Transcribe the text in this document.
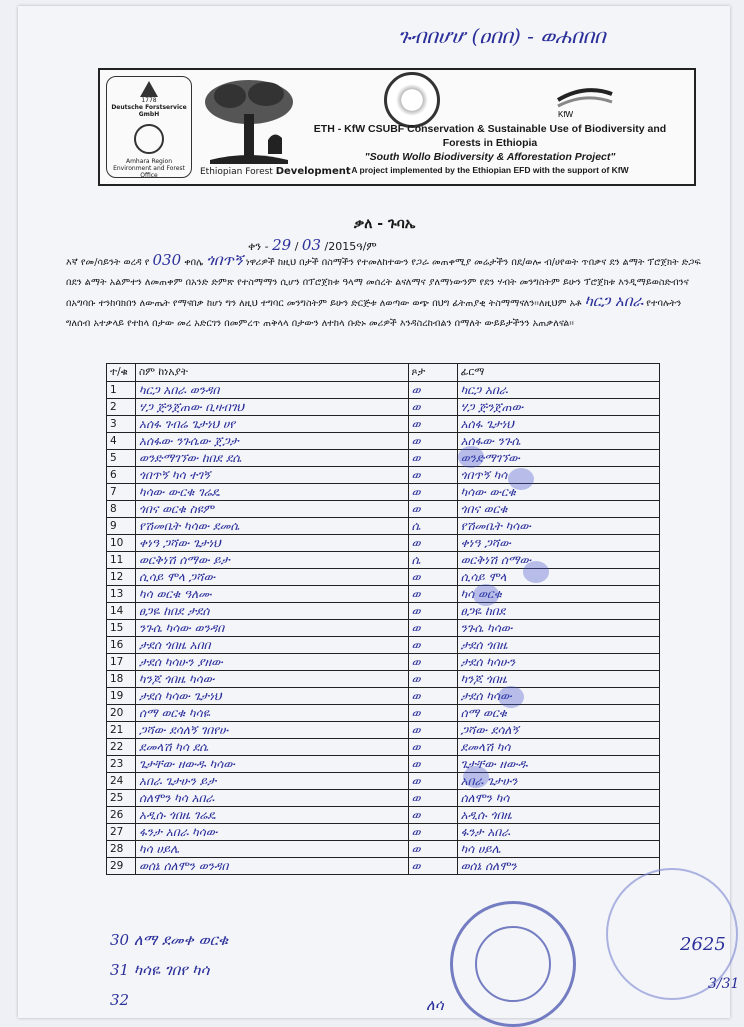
ጉብበሆሆ (ዐበበ) - ወሐበበበ
1778
Deutsche Forstservice GmbH
Amhara Region Environment and Forest Office	Ethiopian Forest Development
KfW
ETH - KfW CSUBF Conservation & Sustainable Use of Biodiversity and
Forests in Ethiopia
"South Wollo Biodiversity & Afforestation Project"
A project implemented by the Ethiopian EFD with the support of KfW
ቃለ - ጉባኤ
ቀን - 29 / 03 /2015ዓ/ም
እኛ የመ/ሳይንት ወረዳ የ 030 ቀበሌ ጎበጥኝ ነዋሪዎች ከዚህ በታች በስማችን የተመለከተውን የጋራ መጠቀሚያ መሬታችን በደ/ወሎ ብ/ሀየወት ጥበቃና ደን ልማት ፕሮጀክት ድጋፍ በደን ልማት አልምተን ለመጠቀም በአንድ ድምጽ የተስማማን ሲሆን በፕሮጀክቱ ዓላማ መሰረት ልናለማና ያለማነውንም የደን ሃብት መንግስትም ይሁን ፕሮጀክቱ እንዲማይወስድብንና በአግባቡ ተንከባክበን ለውጤት የማናበቃ ከሆነ ግን ለዚህ ተግባር መንግስትም ይሁን ድርጅቱ ለወጣው ወጭ በህግ ፊትጠያቂ ትስማማናለን፡፡ለዚህም አቶ ካርጋ አበራ የተባሉትን ግለሰብ አተቃላይ የተከላ በታው መረ አድርገን በመምረጥ ጠቅላላ በታውን ለተከላ ቡድኑ መሪዎች እንዳስረከብልን በማለት ውይይታችንን አጠቃለናል፡፡
ተ/ቁ	ስም ከነአያት	ጾታ	ፊርማ
1	ካርጋ አበራ ወንዳበ	ወ	ካርጋ አበራ
2	ሃጋ ጅንጀጠው ቢዛብገህ	ወ	ሃጋ ጅንጀጠው
3	አሰፋ ገብሬ ጌታነህ ሀየ	ወ	አሰፋ ጌታነህ
4	አሰፋው ንጉሴው ጀጋታ	ወ	አሰፋው ንጉሴ
5	ወንድማገኘው ከበደ ደሴ	ወ	ወንድማገኘው
6	ጎበጥኝ ካሳ ተገኝ	ወ	ጎበጥኝ ካሳ
7	ካሳው ውርቁ ገሬዴ	ወ	ካሳው ውርቁ
8	ጎበና ወርቁ ስዩም	ወ	ጎበና ወርቁ
9	የሽመቤት ካሳው ደመሴ	ሴ	የሽመቤት ካሳው
10	ቀነዓ ጋሻው ጌታነህ	ወ	ቀነዓ ጋሻው
11	ወርቅነሽ ሰማው ይታ	ሴ	ወርቅነሽ ሰማው
12	ሲሳይ ሞላ ጋሻው	ወ	ሲሳይ ሞላ
13	ካሳ ወርቁ ዓለሙ	ወ	ካሳ ወርቁ
14	ፀጋዬ ከበደ ታደሰ	ወ	ፀጋዬ ከበደ
15	ንጉሴ ካሳው ወንዳበ	ወ	ንጉሴ ካሳው
16	ታደሰ ጎበዜ አበበ	ወ	ታደሰ ጎበዜ
17	ታደሰ ካሳሁን ያዘው	ወ	ታደሰ ካሳሁን
18	ካንጆ ጎበዜ ካሳው	ወ	ካንጆ ጎበዜ
19	ታደሰ ካሳው ጌታነህ	ወ	ታደሰ ካሳው
20	ሰማ ወርቁ ካሳዬ	ወ	ሰማ ወርቁ
21	ጋሻው ደሳለኝ ገበየሁ	ወ	ጋሻው ደሳለኝ
22	ደመላሽ ካሳ ደሴ	ወ	ደመላሽ ካሳ
23	ጌታቸው ዘውዱ ካሳው	ወ	ጌታቸው ዘውዱ
24	አበራ ጌታሁን ይታ	ወ	አበራ ጌታሁን
25	ሰለሞን ካሳ አበራ	ወ	ሰለሞን ካሳ
26	አዲሱ ጎበዜ ገሬዴ	ወ	አዲሱ ጎበዜ
27	ፋንታ አበራ ካሳው	ወ	ፋንታ አበራ
28	ካሳ ሀይሌ	ወ	ካሳ ሀይሌ
29	ወሰኔ ሰለሞን ወንዳበ	ወ	ወሰኔ ሰለሞን
30 ለማ ደመቀ ወርቁ
31 ካሳዬ ገበየ ካሳ
32
2625
3/31
ለሳ
